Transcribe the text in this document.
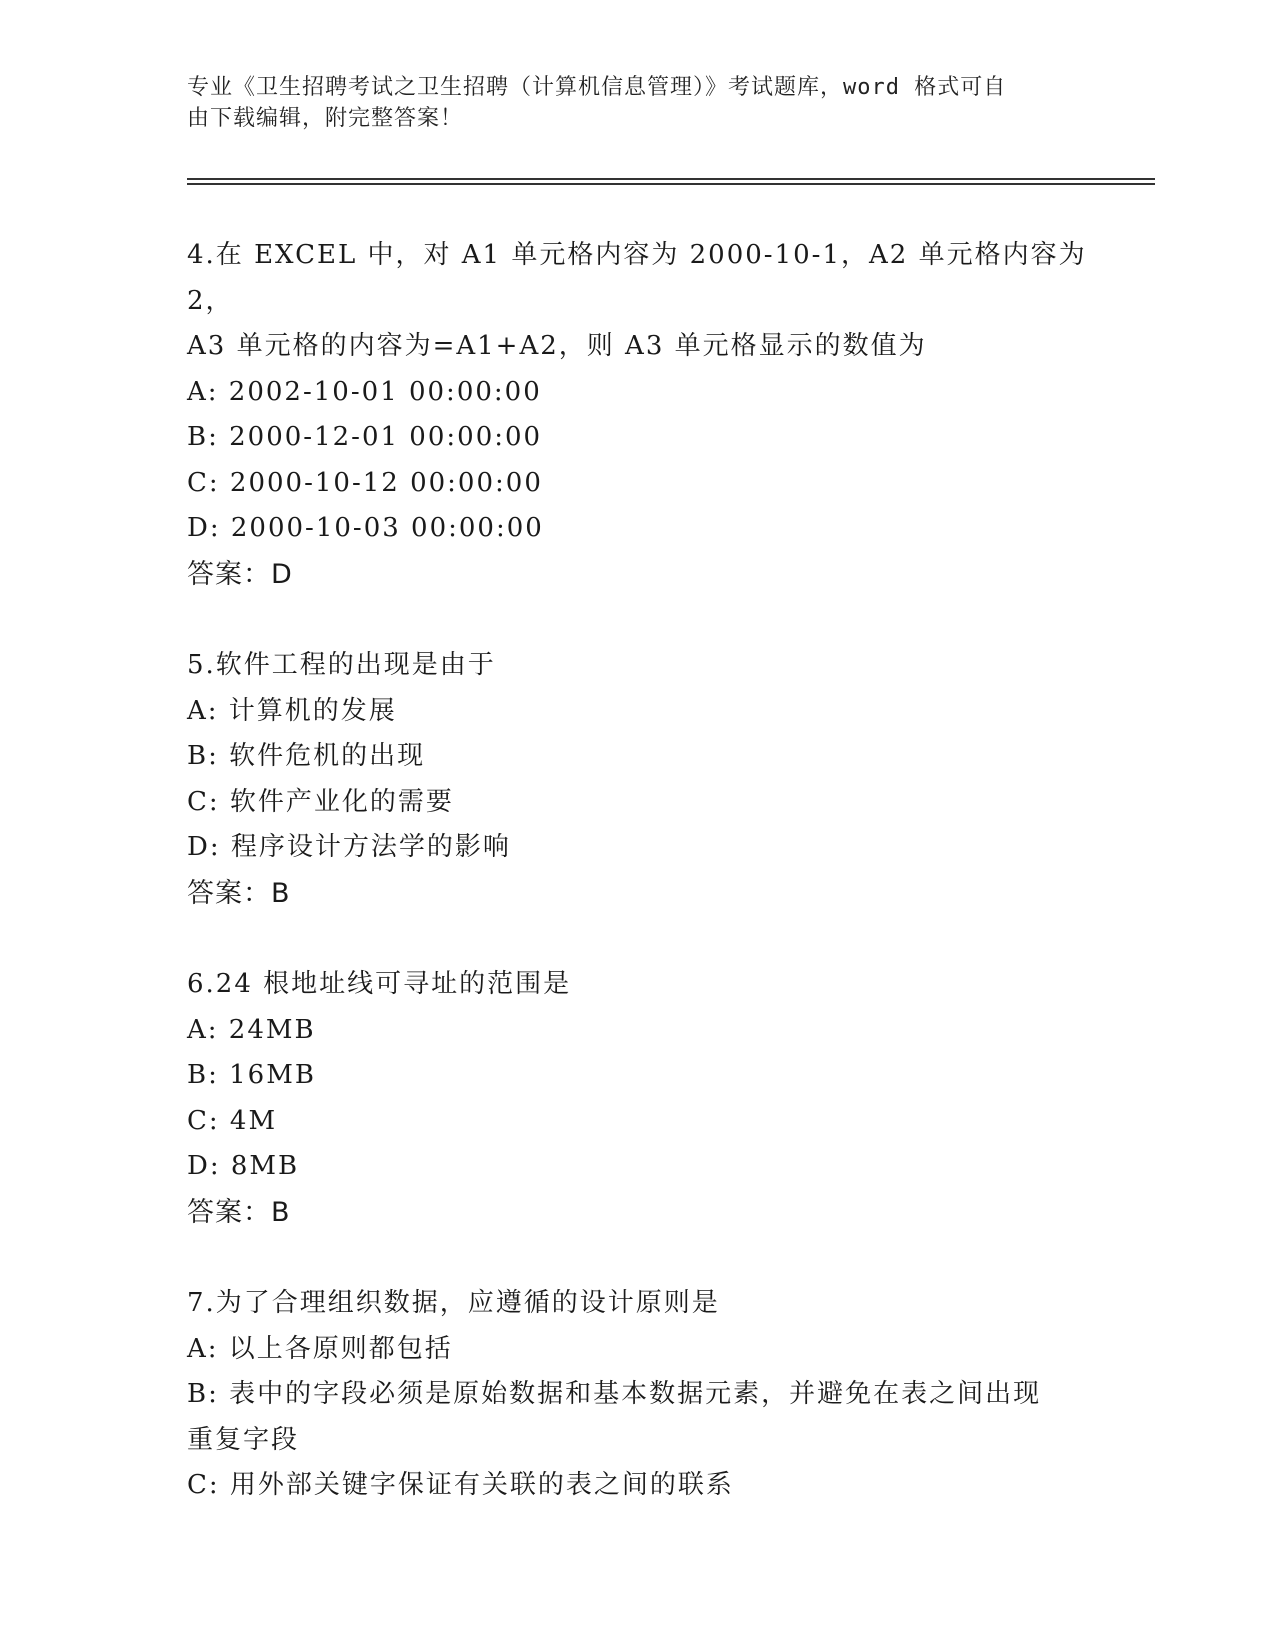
专业《卫生招聘考试之卫生招聘（计算机信息管理）》考试题库，word 格式可自
由下载编辑，附完整答案！

4.在 EXCEL 中，对 A1 单元格内容为 2000-10-1，A2 单元格内容为 2，

A3 单元格的内容为=A1+A2，则 A3 单元格显示的数值为

A: 2002-10-01 00:00:00

B: 2000-12-01 00:00:00

C: 2000-10-12 00:00:00

D: 2000-10-03 00:00:00

答案：D

5.软件工程的出现是由于

A: 计算机的发展

B: 软件危机的出现

C: 软件产业化的需要

D: 程序设计方法学的影响

答案：B

6.24 根地址线可寻址的范围是

A: 24MB

B: 16MB

C: 4M

D: 8MB

答案：B

7.为了合理组织数据，应遵循的设计原则是

A: 以上各原则都包括

B: 表中的字段必须是原始数据和基本数据元素，并避免在表之间出现

重复字段

C: 用外部关键字保证有关联的表之间的联系
